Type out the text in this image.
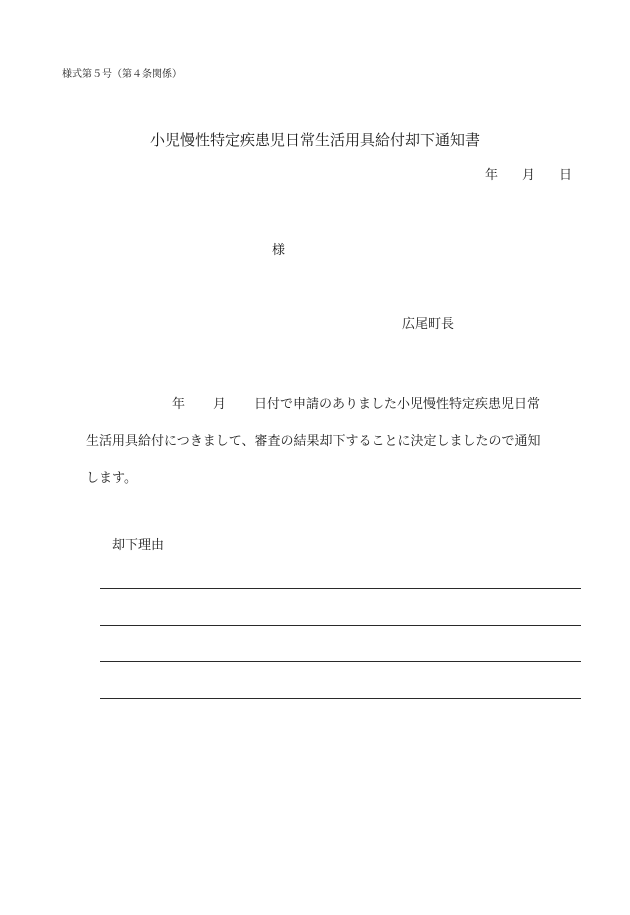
様式第５号（第４条関係）
小児慢性特定疾患児日常生活用具給付却下通知書
年 月 日
様
広尾町長
年 月 日付で申請のありました小児慢性特定疾患児日常
生活用具給付につきまして、審査の結果却下することに決定しましたので通知
します。
却下理由
